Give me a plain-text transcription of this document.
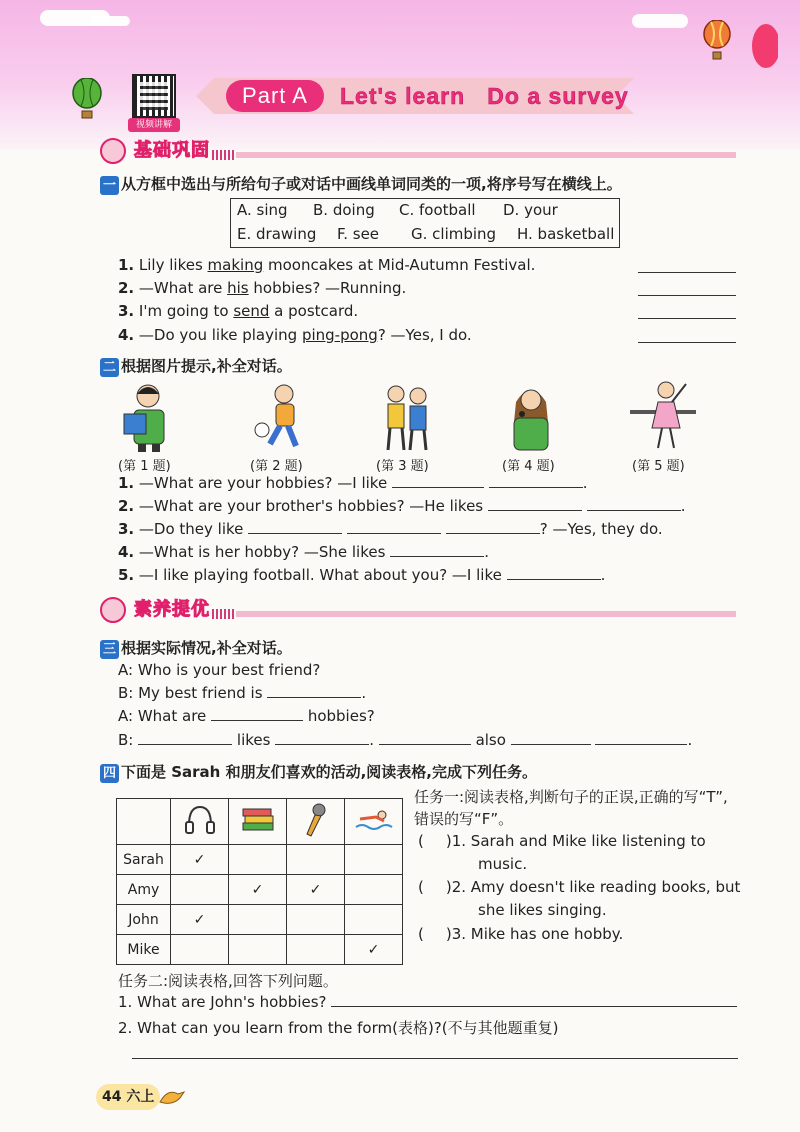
视频讲解
Part A	Let's learn   Do a survey
基础巩固
一 从方框中选出与所给句子或对话中画线单词同类的一项,将序号写在横线上。
A. sing B. doing C. football D. your
E. drawing F. see G. climbing H. basketball
1. Lily likes making mooncakes at Mid-Autumn Festival.
2. —What are his hobbies? —Running.
3. I'm going to send a postcard.
4. —Do you like playing ping-pong? —Yes, I do.
二 根据图片提示,补全对话。
(第 1 题)	(第 2 题)	(第 3 题)	(第 4 题)	(第 5 题)
1. —What are your hobbies? —I like	.
2. —What are your brother's hobbies? —He likes	.
3. —Do they like	? —Yes, they do.
4. —What is her hobby? —She likes	.
5. —I like playing football. What about you? —I like	.
素养提优
三 根据实际情况,补全对话。
A: Who is your best friend?
B: My best friend is	.
A: What are	hobbies?
B:	likes	.	also	.
四 下面是 Sarah 和朋友们喜欢的活动,阅读表格,完成下列任务。

Sarah	✓			
Amy		✓	✓	
John	✓			
Mike				✓
任务一:阅读表格,判断句子的正误,正确的写“T”,错误的写“F”。
( )1. Sarah and Mike like listening to
music.
( )2. Amy doesn't like reading books, but
she likes singing.
( )3. Mike has one hobby.
任务二:阅读表格,回答下列问题。
1. What are John's hobbies?
2. What can you learn from the form(表格)?(不与其他题重复)
44 六上
